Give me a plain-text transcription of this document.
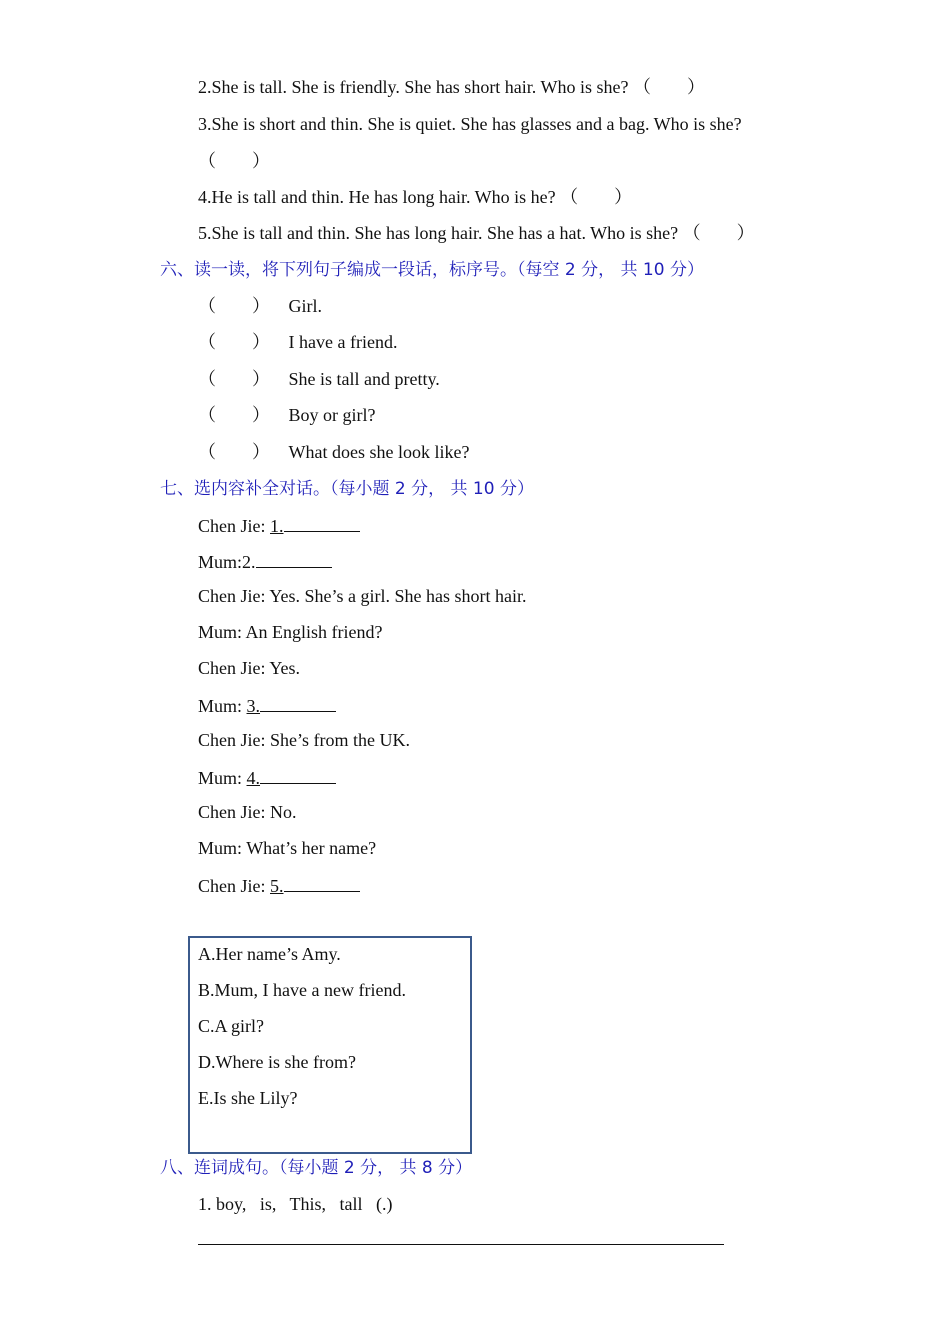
2.She is tall. She is friendly. She has short hair. Who is she? （　　）
3.She is short and thin. She is quiet. She has glasses and a bag. Who is she?
（　　）
4.He is tall and thin. He has long hair. Who is he? （　　）
5.She is tall and thin. She has long hair. She has a hat. Who is she? （　　）
六、读一读，将下列句子编成一段话，标序号。（每空 2 分， 共 10 分）
（　　） Girl.
（　　） I have a friend.
（　　） She is tall and pretty.
（　　） Boy or girl?
（　　） What does she look like?
七、选内容补全对话。（每小题 2 分， 共 10 分）
Chen Jie: 1.
Mum:2.
Chen Jie: Yes. She’s a girl. She has short hair.
Mum: An English friend?
Chen Jie: Yes.
Mum: 3.
Chen Jie: She’s from the UK.
Mum: 4.
Chen Jie: No.
Mum: What’s her name?
Chen Jie: 5.
A.Her name’s Amy.
B.Mum, I have a new friend.
C.A girl?
D.Where is she from?
E.Is she Lily?
八、连词成句。（每小题 2 分， 共 8 分）
1. boy,   is,   This,   tall   (.)
